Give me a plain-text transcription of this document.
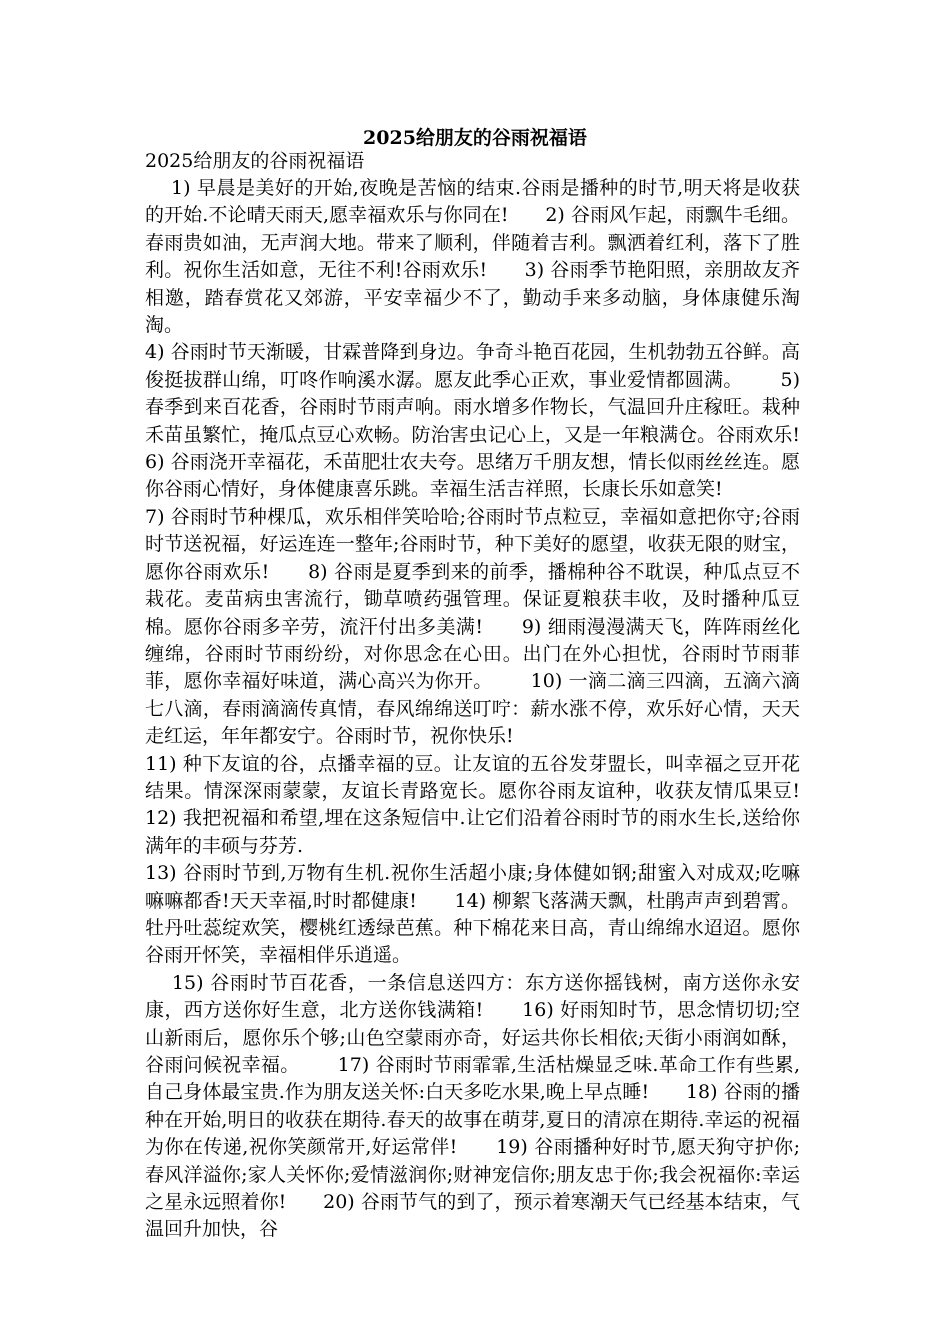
2025给朋友的谷雨祝福语
2025给朋友的谷雨祝福语
1) 早晨是美好的开始,夜晚是苦恼的结束.谷雨是播种的时节,明天将是收获的开始.不论晴天雨天,愿幸福欢乐与你同在!      2) 谷雨风乍起，雨飘牛毛细。春雨贵如油，无声润大地。带来了顺利，伴随着吉利。飘洒着红利，落下了胜利。祝你生活如意，无往不利!谷雨欢乐!      3) 谷雨季节艳阳照，亲朋故友齐相邀，踏春赏花又郊游，平安幸福少不了，勤动手来多动脑，身体康健乐淘淘。
4) 谷雨时节天渐暖，甘霖普降到身边。争奇斗艳百花园，生机勃勃五谷鲜。高俊挺拔群山绵，叮咚作响溪水潺。愿友此季心正欢，事业爱情都圆满。      5) 春季到来百花香，谷雨时节雨声响。雨水增多作物长，气温回升庄稼旺。栽种禾苗虽繁忙，掩瓜点豆心欢畅。防治害虫记心上，又是一年粮满仓。谷雨欢乐!      6) 谷雨浇开幸福花，禾苗肥壮农夫夸。思绪万千朋友想，情长似雨丝丝连。愿你谷雨心情好，身体健康喜乐跳。幸福生活吉祥照，长康长乐如意笑!
7) 谷雨时节种棵瓜，欢乐相伴笑哈哈;谷雨时节点粒豆，幸福如意把你守;谷雨时节送祝福，好运连连一整年;谷雨时节，种下美好的愿望，收获无限的财宝，愿你谷雨欢乐!      8) 谷雨是夏季到来的前季，播棉种谷不耽误，种瓜点豆不栽花。麦苗病虫害流行，锄草喷药强管理。保证夏粮获丰收，及时播种瓜豆棉。愿你谷雨多辛劳，流汗付出多美满!      9) 细雨漫漫满天飞，阵阵雨丝化缠绵，谷雨时节雨纷纷，对你思念在心田。出门在外心担忧，谷雨时节雨菲菲，愿你幸福好味道，满心高兴为你开。      10) 一滴二滴三四滴，五滴六滴七八滴，春雨滴滴传真情，春风绵绵送叮咛：薪水涨不停，欢乐好心情，天天走红运，年年都安宁。谷雨时节，祝你快乐!
11) 种下友谊的谷，点播幸福的豆。让友谊的五谷发芽盟长，叫幸福之豆开花结果。情深深雨蒙蒙，友谊长青路宽长。愿你谷雨友谊种，收获友情瓜果豆!      12) 我把祝福和希望,埋在这条短信中.让它们沿着谷雨时节的雨水生长,送给你满年的丰硕与芬芳.
13) 谷雨时节到,万物有生机.祝你生活超小康;身体健如钢;甜蜜入对成双;吃嘛嘛嘛都香!天天幸福,时时都健康!      14) 柳絮飞落满天飘，杜鹃声声到碧霄。牡丹吐蕊绽欢笑，樱桃红透绿芭蕉。种下棉花来日高，青山绵绵水迢迢。愿你谷雨开怀笑，幸福相伴乐逍遥。
15) 谷雨时节百花香，一条信息送四方：东方送你摇钱树，南方送你永安康，西方送你好生意，北方送你钱满箱!      16) 好雨知时节，思念情切切;空山新雨后，愿你乐个够;山色空蒙雨亦奇，好运共你长相依;天街小雨润如酥，谷雨问候祝幸福。      17) 谷雨时节雨霏霏,生活枯燥显乏味.革命工作有些累,自己身体最宝贵.作为朋友送关怀:白天多吃水果,晚上早点睡!      18) 谷雨的播种在开始,明日的收获在期待.春天的故事在萌芽,夏日的清凉在期待.幸运的祝福为你在传递,祝你笑颜常开,好运常伴!      19) 谷雨播种好时节,愿天狗守护你;春风洋溢你;家人关怀你;爱情滋润你;财神宠信你;朋友忠于你;我会祝福你:幸运之星永远照着你!      20) 谷雨节气的到了，预示着寒潮天气已经基本结束，气温回升加快，谷
